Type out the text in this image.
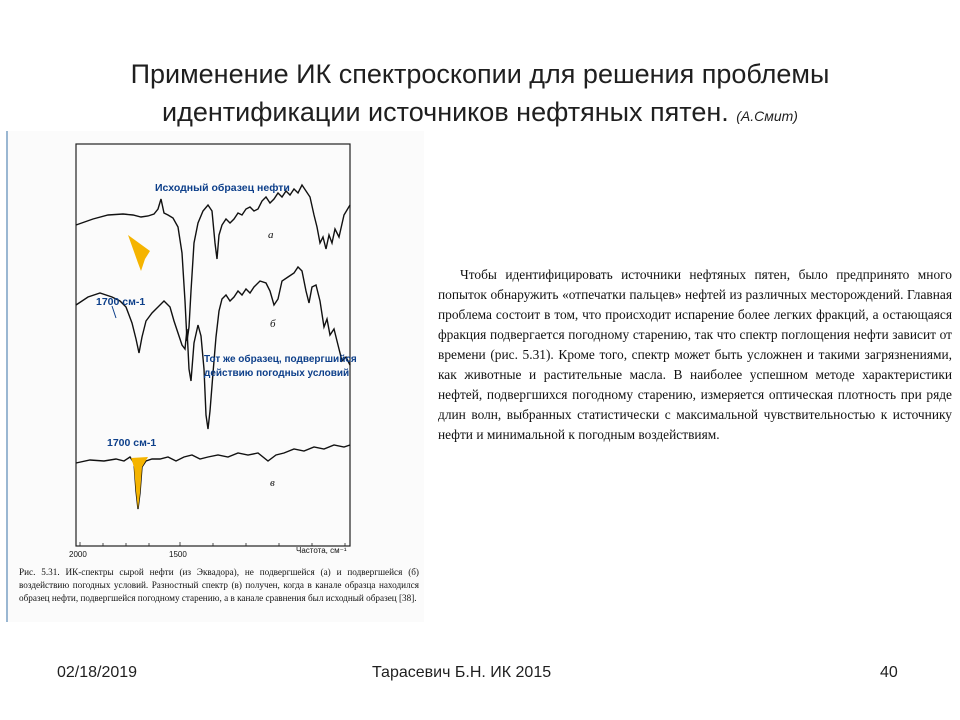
Применение ИК спектроскопии для решения проблемы
идентификации источников нефтяных пятен. (А.Смит)
Исходный образец нефти
Тот же образец, подвергшийся действию погодных условий
1700 см-1
1700 см-1
а
б
в
2000	1500	Частота, см⁻¹
Рис. 5.31. ИК-спектры сырой нефти (из Эквадора), не подвергшейся (а) и подвергшейся (б) воздействию погодных условий. Разностный спектр (в) получен, когда в канале образца находился образец нефти, подвергшейся погодному старению, а в канале сравнения был исходный образец [38].

Чтобы идентифицировать источники нефтяных пятен, было предпринято много попыток обнаружить «отпечатки пальцев» нефтей из различных месторождений. Главная проблема состоит в том, что происходит испарение более легких фракций, а остающаяся фракция подвергается погодному старению, так что спектр поглощения нефти зависит от времени (рис. 5.31). Кроме того, спектр может быть усложнен и такими загрязнениями, как животные и растительные масла. В наиболее успешном методе характеристики нефтей, подвергшихся погодному старению, измеряется оптическая плотность при ряде длин волн, выбранных статистически с максимальной чувствительностью к источнику нефти и минимальной к погодным воздействиям.

02/18/2019	Тарасевич Б.Н. ИК 2015	40
